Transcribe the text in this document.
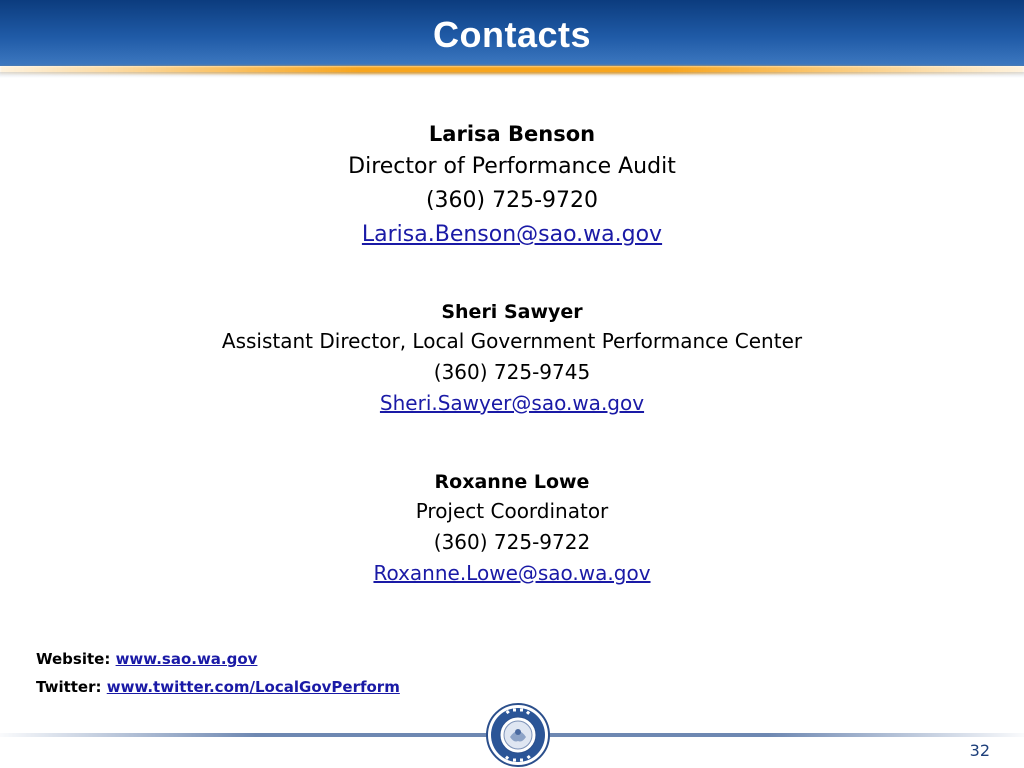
Contacts
Larisa Benson
Director of Performance Audit
(360) 725-9720
Larisa.Benson@sao.wa.gov
Sheri Sawyer
Assistant Director, Local Government Performance Center
(360) 725-9745
Sheri.Sawyer@sao.wa.gov
Roxanne Lowe
Project Coordinator
(360) 725-9722
Roxanne.Lowe@sao.wa.gov
Website: www.sao.wa.gov
Twitter: www.twitter.com/LocalGovPerform
32
